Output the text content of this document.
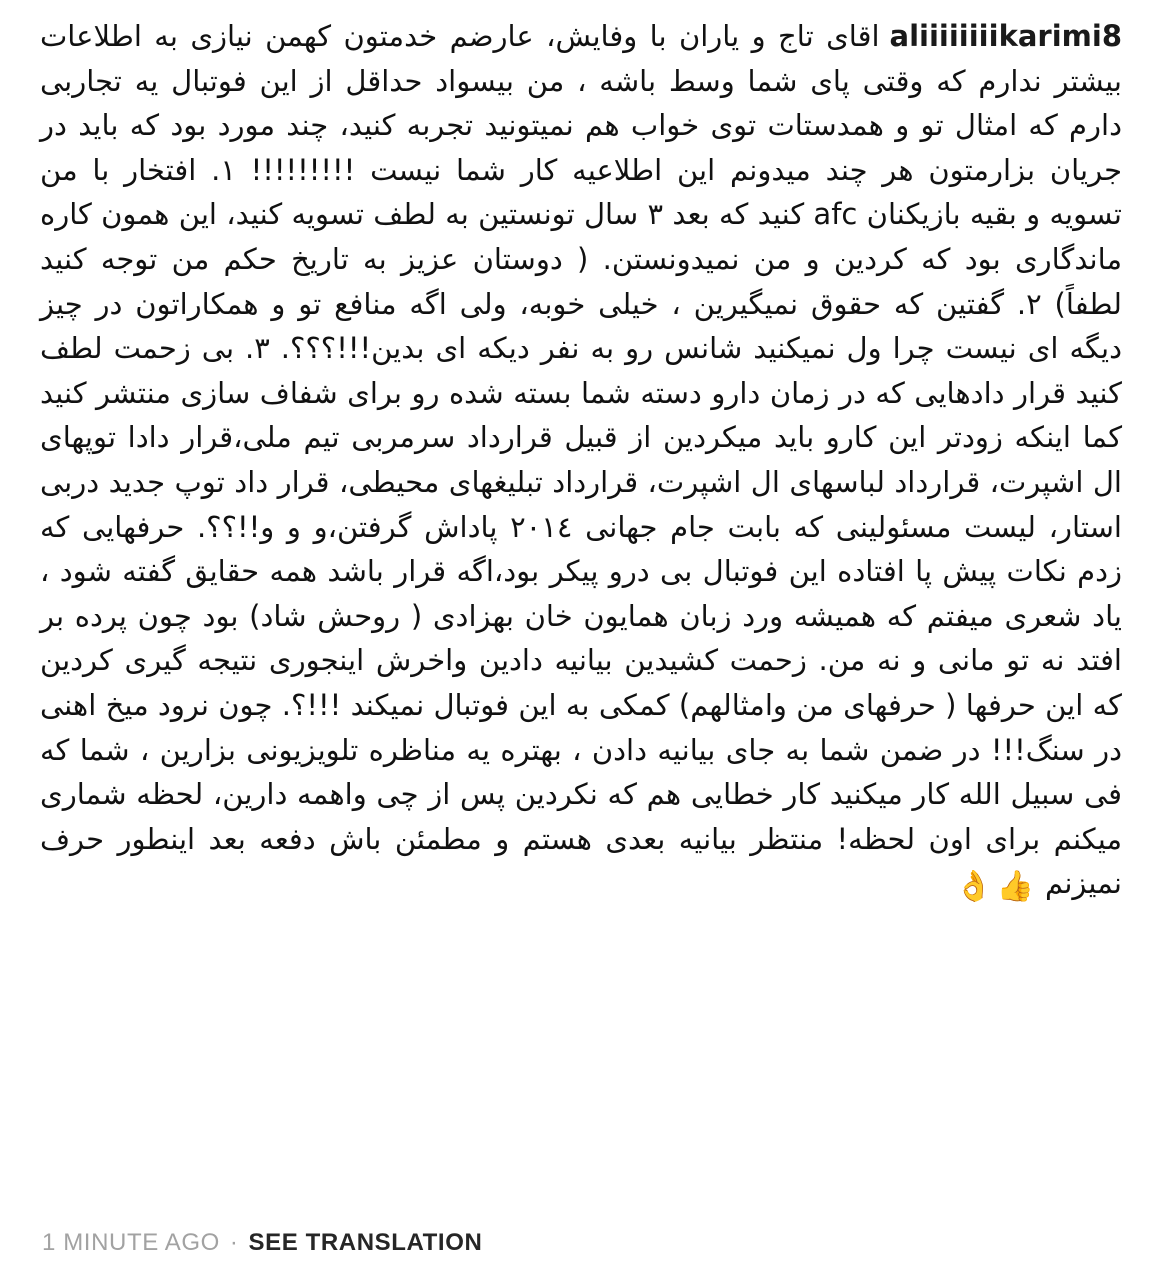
aliiiiiiiikarimi8اقای تاج و یاران با وفایش، عارضم خدمتون کهمن نیازی به اطلاعات بیشتر ندارم که وقتی پای شما وسط باشه ، من بیسواد حداقل از این فوتبال یه تجاربی دارم که امثال تو و همدستات توی خواب هم نمیتونید تجربه کنید، چند مورد بود که باید در جریان بزارمتون هر چند میدونم این اطلاعیه کار شما نیست !!!!!!!!! ١. افتخار با من تسویه و بقیه بازیکنان afc کنید که بعد ٣ سال تونستین به لطف تسویه کنید، این همون کاره ماندگاری بود که کردین و من نمیدونستن. ( دوستان عزیز به تاریخ حکم من توجه کنید لطفاً) ٢. گفتین که حقوق نمیگیرین ، خیلی خوبه، ولی اگه منافع تو و همکاراتون در چیز دیگه ای نیست چرا ول نمیکنید شانس رو به نفر دیکه ای بدین!!!؟؟؟. ٣. بی زحمت لطف کنید قرار دادهایی که در زمان دارو دسته شما بسته شده رو برای شفاف سازی منتشر کنید کما اینکه زودتر این کارو باید میکردین از قبیل قرارداد سرمربی تیم ملی،قرار دادا توپهای ال اشپرت، قرارداد لباسهای ال اشپرت، قرارداد تبلیغهای محیطی، قرار داد توپ جدید دربی استار، لیست مسئولینی که بابت جام جهانی ٢٠١٤ پاداش گرفتن،و و و!!؟؟. حرفهایی که زدم نکات پیش پا افتاده این فوتبال بی درو پیکر بود،اگه قرار باشد همه حقایق گفته شود ، یاد شعری میفتم که همیشه ورد زبان همایون خان بهزادی ( روحش شاد) بود چون پرده بر افتد نه تو مانی و نه من. زحمت کشیدین بیانیه دادین واخرش اینجوری نتیجه گیری کردین که این حرفها ( حرفهای من وامثالهم) کمکی به این فوتبال نمیکند !!!؟. چون نرود میخ اهنی در سنگ!!! در ضمن شما به جای بیانیه دادن ، بهتره یه مناظره تلویزیونی بزارین ، شما که فی سبیل الله کار میکنید کار خطایی هم که نکردین پس از چی واهمه دارین، لحظه شماری میکنم برای اون لحظه! منتظر بیانیه بعدی هستم و مطمئن باش دفعه بعد اینطور حرف نمیزنم 👍👌

1 MINUTE AGO · SEE TRANSLATION
